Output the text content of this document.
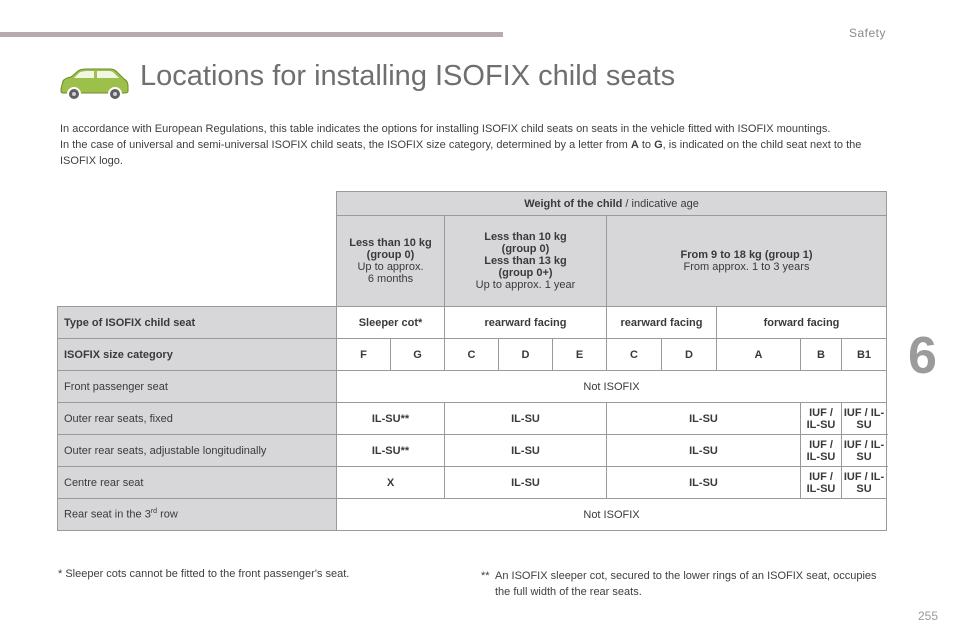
Safety
Locations for installing ISOFIX child seats

In accordance with European Regulations, this table indicates the options for installing ISOFIX child seats on seats in the vehicle fitted with ISOFIX mountings.

In the case of universal and semi-universal ISOFIX child seats, the ISOFIX size category, determined by a letter from A to G, is indicated on the child seat next to the ISOFIX logo.

	Weight of the child / indicative age									

	Less than 10 kg
(group 0)
Up to approx.
6 months		Less than 10 kg
(group 0)
Less than 13 kg
(group 0+)
Up to approx. 1 year			From 9 to 18 kg (group 1)
From approx. 1 to 3 years				

Type of ISOFIX child seat	Sleeper cot*		rearward facing			rearward facing		forward facing		
ISOFIX size category	F	G	C	D	E	C	D	A	B	B1
Front passenger seat	Not ISOFIX									
Outer rear seats, fixed	IL-SU**		IL-SU			IL-SU			IUF / IL-SU	IUF / IL-SU
Outer rear seats, adjustable longitudinally	IL-SU**		IL-SU			IL-SU			IUF / IL-SU	IUF / IL-SU
Centre rear seat	X		IL-SU			IL-SU			IUF / IL-SU	IUF / IL-SU
Rear seat in the 3rd row	Not ISOFIX									
* Sleeper cots cannot be fitted to the front passenger's seat.	** An ISOFIX sleeper cot, secured to the lower rings of an ISOFIX seat, occupies the full width of the rear seats.
6
255
